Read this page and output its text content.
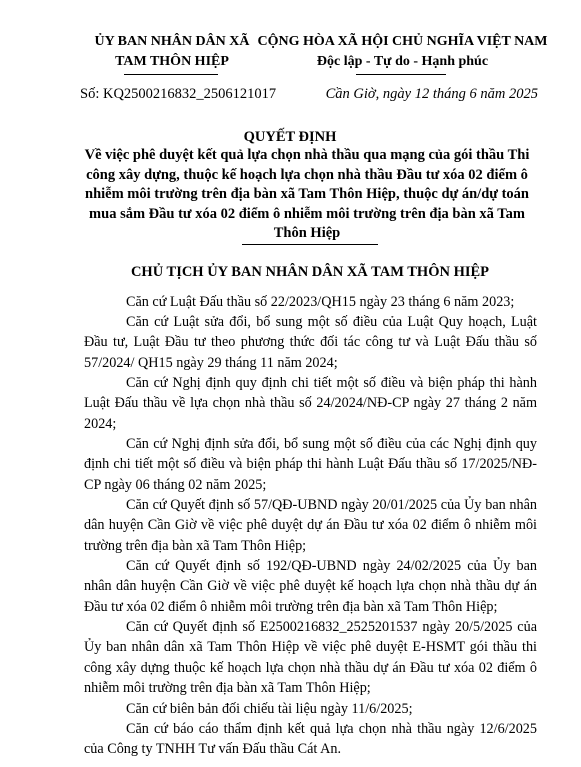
ỦY BAN NHÂN DÂN XÃ
TAM THÔN HIỆP
CỘNG HÒA XÃ HỘI CHỦ NGHĨA VIỆT NAM
Độc lập - Tự do - Hạnh phúc
Số: KQ2500216832_2506121017	Cần Giờ, ngày 12 tháng 6 năm 2025
QUYẾT ĐỊNH
Về việc phê duyệt kết quả lựa chọn nhà thầu qua mạng của gói thầu Thi
công xây dựng, thuộc kế hoạch lựa chọn nhà thầu Đầu tư xóa 02 điểm ô
nhiễm môi trường trên địa bàn xã Tam Thôn Hiệp, thuộc dự án/dự toán
mua sắm Đầu tư xóa 02 điểm ô nhiễm môi trường trên địa bàn xã Tam
Thôn Hiệp
CHỦ TỊCH ỦY BAN NHÂN DÂN XÃ TAM THÔN HIỆP
Căn cứ Luật Đấu thầu số 22/2023/QH15 ngày 23 tháng 6 năm 2023;
Căn cứ Luật sửa đổi, bổ sung một số điều của Luật Quy hoạch, Luật Đầu tư, Luật Đầu tư theo phương thức đối tác công tư và Luật Đấu thầu số 57/2024/ QH15 ngày 29 tháng 11 năm 2024;
Căn cứ Nghị định quy định chi tiết một số điều và biện pháp thi hành Luật Đấu thầu về lựa chọn nhà thầu số 24/2024/NĐ-CP ngày 27 tháng 2 năm 2024;
Căn cứ Nghị định sửa đổi, bổ sung một số điều của các Nghị định quy định chi tiết một số điều và biện pháp thi hành Luật Đấu thầu số 17/2025/NĐ-CP ngày 06 tháng 02 năm 2025;
Căn cứ Quyết định số 57/QĐ-UBND ngày 20/01/2025 của Ủy ban nhân dân huyện Cần Giờ về việc phê duyệt dự án Đầu tư xóa 02 điểm ô nhiễm môi trường trên địa bàn xã Tam Thôn Hiệp;
Căn cứ Quyết định số 192/QĐ-UBND ngày 24/02/2025 của Ủy ban nhân dân huyện Cần Giờ về việc phê duyệt kế hoạch lựa chọn nhà thầu dự án Đầu tư xóa 02 điểm ô nhiễm môi trường trên địa bàn xã Tam Thôn Hiệp;
Căn cứ Quyết định số E2500216832_2525201537 ngày 20/5/2025 của Ủy ban nhân dân xã Tam Thôn Hiệp về việc phê duyệt E-HSMT gói thầu thi công xây dựng thuộc kế hoạch lựa chọn nhà thầu dự án Đầu tư xóa 02 điểm ô nhiễm môi trường trên địa bàn xã Tam Thôn Hiệp;
Căn cứ biên bản đối chiếu tài liệu ngày 11/6/2025;
Căn cứ báo cáo thẩm định kết quả lựa chọn nhà thầu ngày 12/6/2025 của Công ty TNHH Tư vấn Đấu thầu Cát An.
